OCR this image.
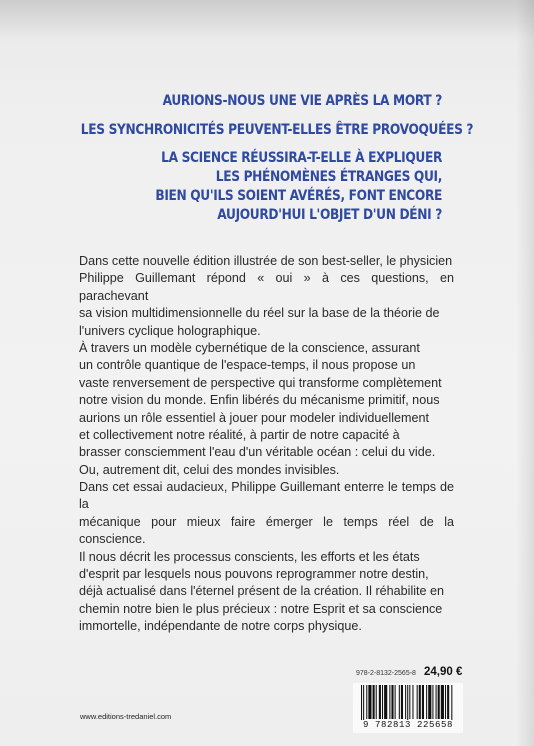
AURIONS-NOUS UNE VIE APRÈS LA MORT ?
LES SYNCHRONICITÉS PEUVENT-ELLES ÊTRE PROVOQUÉES ?
LA SCIENCE RÉUSSIRA-T-ELLE À EXPLIQUER
LES PHÉNOMÈNES ÉTRANGES QUI,
BIEN QU'ILS SOIENT AVÉRÉS, FONT ENCORE
AUJOURD'HUI L'OBJET D'UN DÉNI ?
Dans cette nouvelle édition illustrée de son best-seller, le physicien
Philippe Guillemant répond « oui » à ces questions, en parachevant
sa vision multidimensionnelle du réel sur la base de la théorie de
l'univers cyclique holographique.
À travers un modèle cybernétique de la conscience, assurant
un contrôle quantique de l'espace-temps, il nous propose un
vaste renversement de perspective qui transforme complètement
notre vision du monde. Enfin libérés du mécanisme primitif, nous
aurions un rôle essentiel à jouer pour modeler individuellement
et collectivement notre réalité, à partir de notre capacité à
brasser consciemment l'eau d'un véritable océan : celui du vide.
Ou, autrement dit, celui des mondes invisibles.
Dans cet essai audacieux, Philippe Guillemant enterre le temps de la
mécanique pour mieux faire émerger le temps réel de la conscience.
Il nous décrit les processus conscients, les efforts et les états
d'esprit par lesquels nous pouvons reprogrammer notre destin,
déjà actualisé dans l'éternel présent de la création. Il réhabilite en
chemin notre bien le plus précieux : notre Esprit et sa conscience
immortelle, indépendante de notre corps physique.
978-2-8132-2565-8 24,90 €
9 782813 225658
www.editions-tredaniel.com
